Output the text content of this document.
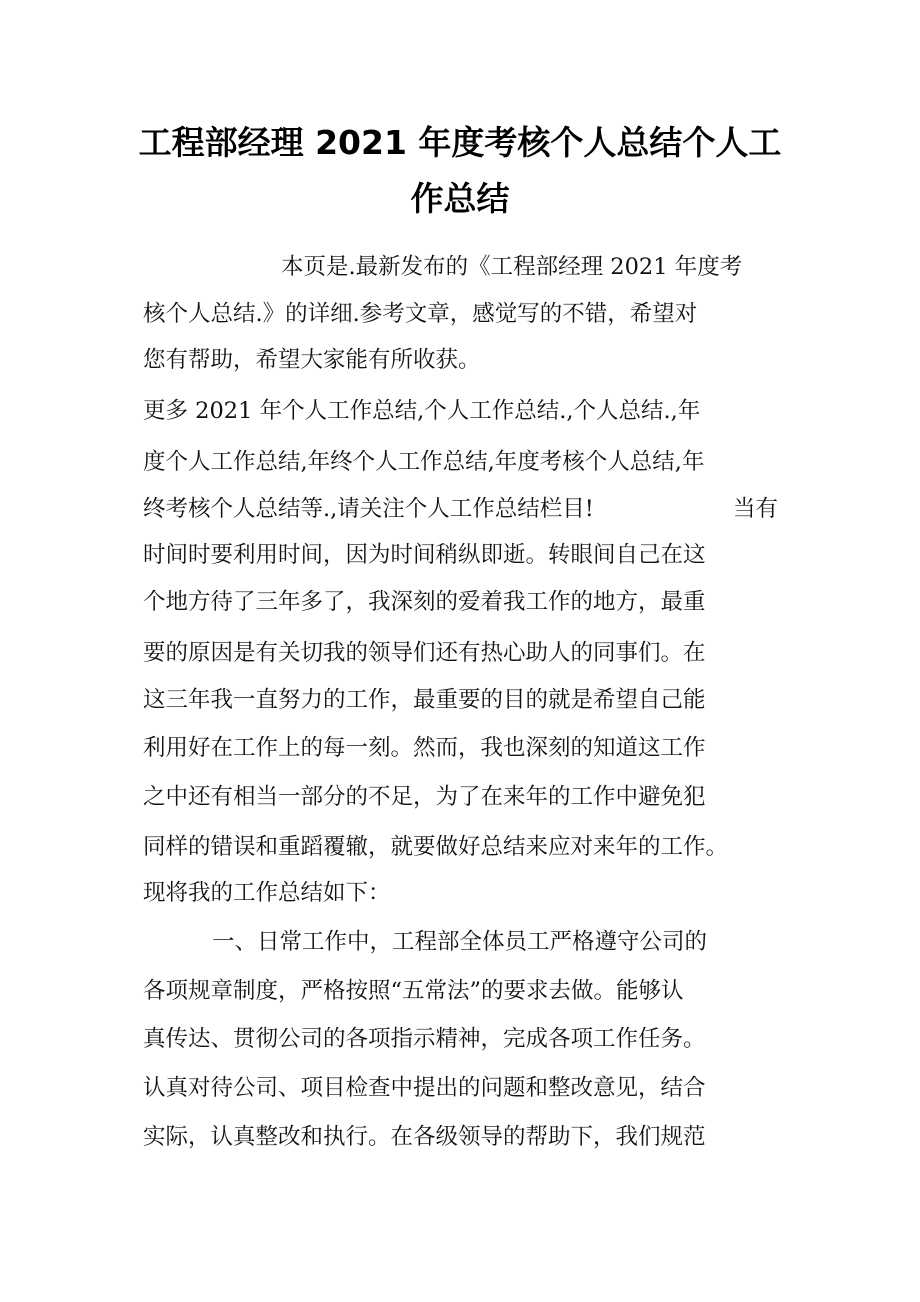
工程部经理 2021 年度考核个人总结个人工
作总结

本页是.最新发布的《工程部经理 2021 年度考

核个人总结.》的详细.参考文章，感觉写的不错，希望对

您有帮助，希望大家能有所收获。

更多 2021 年个人工作总结,个人工作总结.,个人总结.,年

度个人工作总结,年终个人工作总结,年度考核个人总结,年

终考核个人总结等.,请关注个人工作总结栏目!	当有

时间时要利用时间，因为时间稍纵即逝。转眼间自己在这

个地方待了三年多了，我深刻的爱着我工作的地方，最重

要的原因是有关切我的领导们还有热心助人的同事们。在

这三年我一直努力的工作，最重要的目的就是希望自己能

利用好在工作上的每一刻。然而，我也深刻的知道这工作

之中还有相当一部分的不足，为了在来年的工作中避免犯

同样的错误和重蹈覆辙，就要做好总结来应对来年的工作。

现将我的工作总结如下：

一、日常工作中，工程部全体员工严格遵守公司的

各项规章制度，严格按照“五常法”的要求去做。能够认

真传达、贯彻公司的各项指示精神，完成各项工作任务。

认真对待公司、项目检查中提出的问题和整改意见，结合

实际，认真整改和执行。在各级领导的帮助下，我们规范
